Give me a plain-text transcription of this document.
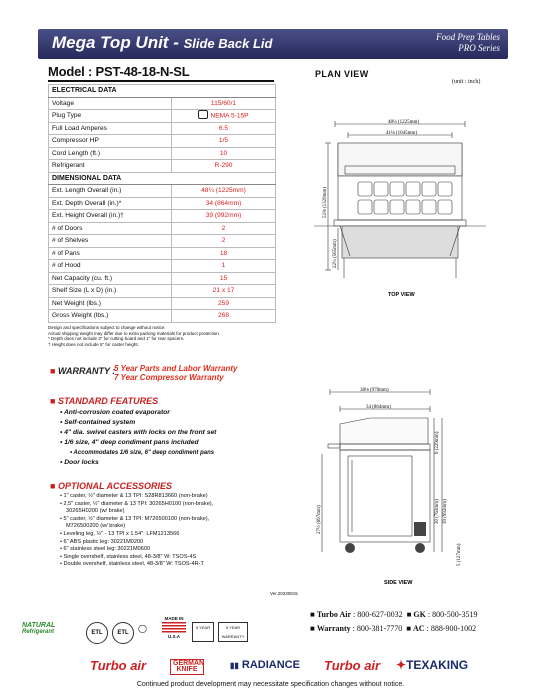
Mega Top Unit - Slide Back Lid	Food Prep Tables
PRO Series
Model : PST-48-18-N-SL
ELECTRICAL DATA	
Voltage	115/60/1
Plug Type	NEMA 5-15P
Full Load Amperes	6.5
Compressor HP	1/5
Cord Length (ft.)	10
Refrigerant	R-290
DIMENSIONAL DATA	
Ext. Length Overall (in.)	48¼ (1225mm)
Ext. Depth Overall (in.)*	34 (864mm)
Ext. Height Overall (in.)†	39 (992mm)
# of Doors	2
# of Shelves	2
# of Pans	18
# of Hood	1
Net Capacity (cu. ft.)	15
Shelf Size (L x D) (in.)	21 x 17
Net Weight (lbs.)	259
Gross Weight (lbs.)	268
Design and specifications subject to change without notice.
Actual shipping weight may differ due to extra packing materials for product protection.
* Depth does not include 3" for cutting board and 1" for rear spacers.
† Height does not include 5" for caster height.
■ WARRANTY :
5 Year Parts and Labor Warranty
7 Year Compressor Warranty
■ STANDARD FEATURES
• Anti-corrosion coated evaporator
• Self-contained system
• 4" dia. swivel casters with locks on the front set
• 1/6 size, 4" deep condiment pans included
• Accommodates 1/6 size, 6" deep condiment pans
• Door locks
■ OPTIONAL ACCESSORIES
• 1" caster, ½" diameter & 13 TPI: S28R813660 (non-brake)
• 2.5" caster, ½" diameter & 13 TPI: 30265H0100 (non-brake),
30265H0200 (w/ brake)
• 5" caster, ½" diameter & 13 TPI: M726500100 (non-brake),
M726500200 (w/ brake)
• Leveling leg, ½" - 13 TPI x 1.54": LFM1213566
• 6" ABS plastic leg: 30221M0200
• 6" stainless steel leg: 30221M0600
• Single overshelf, stainless steel, 48-3/8" W: TSOS-4S
• Double overshelf, stainless steel, 48-3/8" W: TSOS-4R-T
Ver.20230815
PLAN VIEW
(unit : inch)
48¼ (1225mm)
41⅛ (1045mm)
52⅜ (1329mm)
22¼ (565mm)
TOP VIEW
38⅛ (970mm)
34 (864mm)
9 (229mm)
30 (763mm) 39 (992mm)
27½ (697mm)
5 (127mm)
SIDE VIEW
NATURAL
Refrigerant	ETL	ETL	◯
MADE IN
U.S.A
5 YEAR	5 YEAR
WARRANTY
■ Turbo Air : 800-627-0032  ■ GK : 800-500-3519
■ Warranty : 800-381-7770  ■ AC : 888-900-1002
Turbo air	GERMAN KNIFE	▮▮ RADIANCE Turbo air ✦TEXAKING
Continued product development may necessitate specification changes without notice.
